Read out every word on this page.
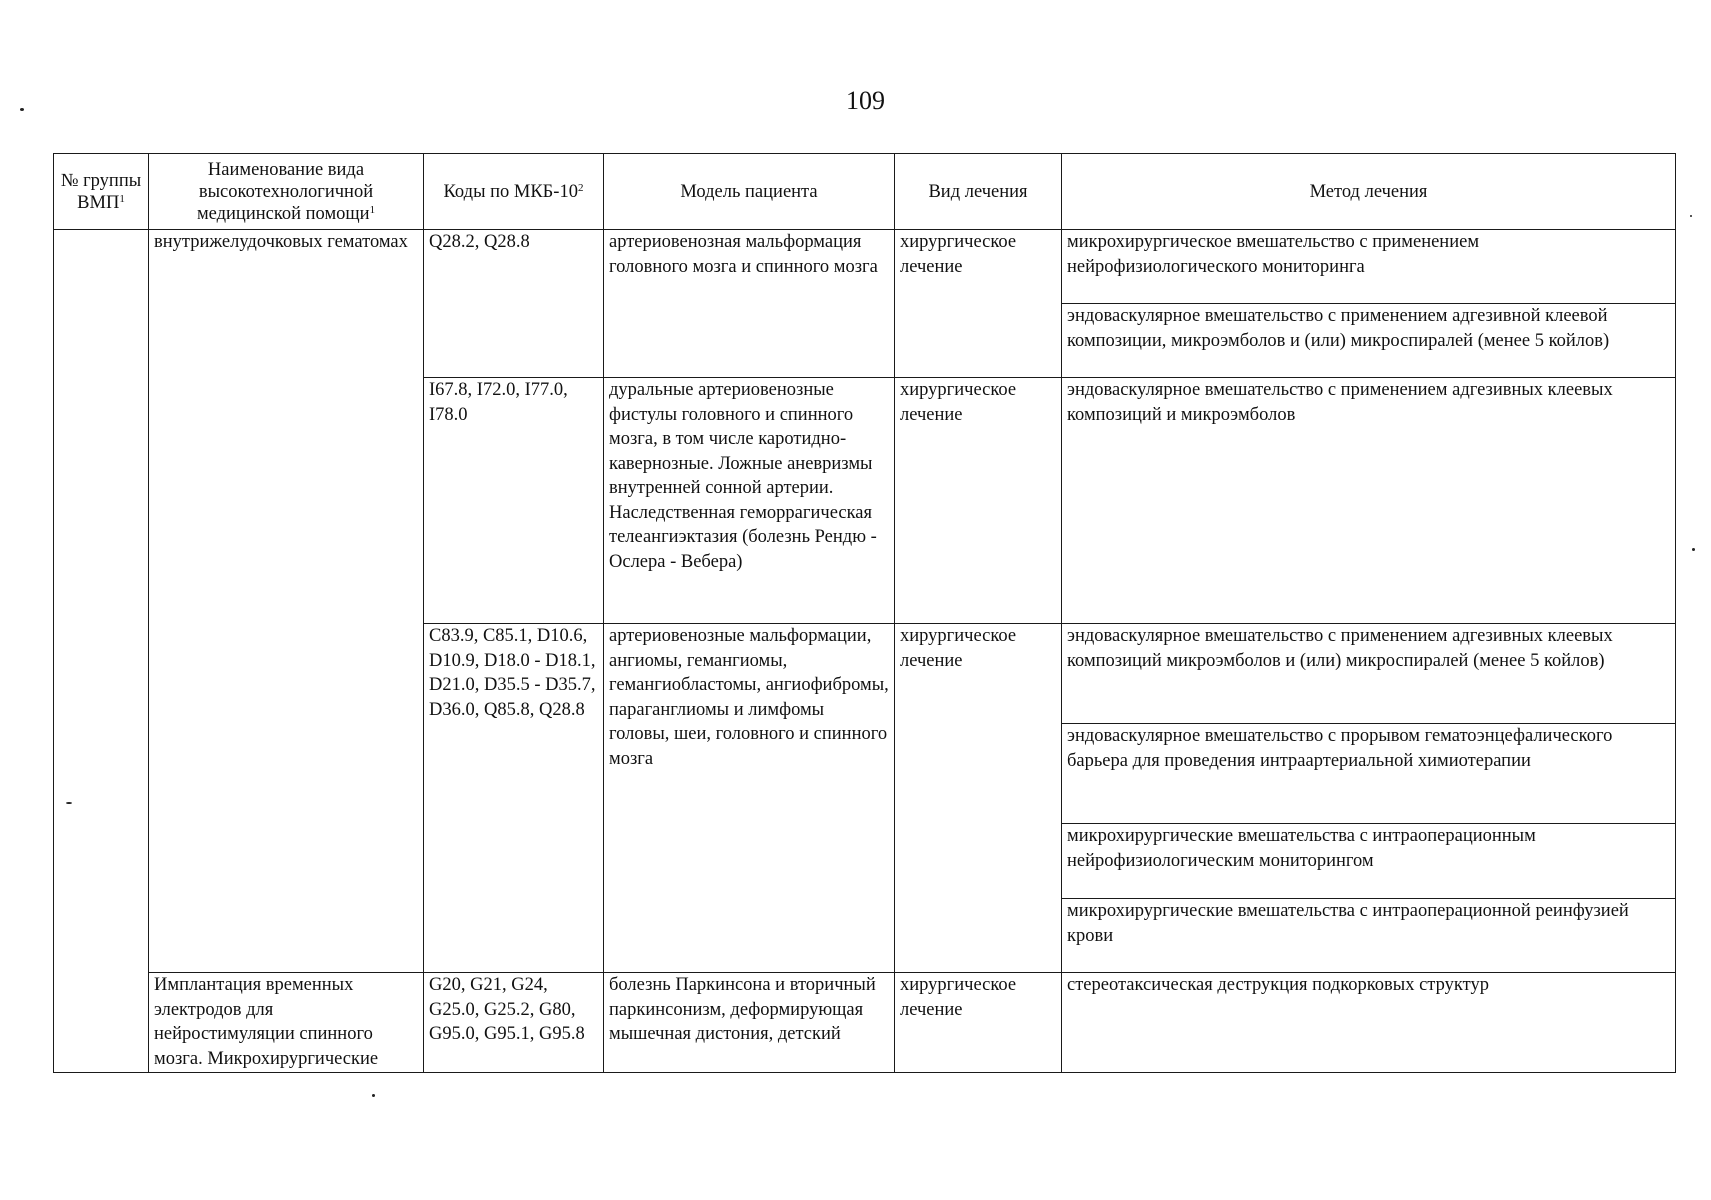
109
№ группы ВМП$^1$	Наименование вида высокотехнологичной медицинской помощи$^1$	Коды по МКБ-$10^2$	Модель пациента	Вид лечения	Метод лечения
	внутрижелудочковых гематомах	Q28.2, Q28.8	артериовенозная мальформация головного мозга и спинного мозга	хирургическое лечение	микрохирургическое вмешательство с применением нейрофизиологического мониторинга
					эндоваскулярное вмешательство с применением адгезивной клеевой композиции, микроэмболов и (или) микроспиралей (менее 5 койлов)
		I67.8, I72.0, I77.0, I78.0	дуральные артериовенозные фистулы головного и спинного мозга, в том числе каротидно-кавернозные. Ложные аневризмы внутренней сонной артерии. Наследственная геморрагическая телеангиэктазия (болезнь Рендю - Ослера - Вебера)	хирургическое лечение	эндоваскулярное вмешательство с применением адгезивных клеевых композиций и микроэмболов
		C83.9, C85.1, D10.6, D10.9, D18.0 - D18.1, D21.0, D35.5 - D35.7, D36.0, Q85.8, Q28.8	артериовенозные мальформации, ангиомы, гемангиомы, гемангиобластомы, ангиофибромы, параганглиомы и лимфомы головы, шеи, головного и спинного мозга	хирургическое лечение	эндоваскулярное вмешательство с применением адгезивных клеевых композиций микроэмболов и (или) микроспиралей (менее 5 койлов)
					эндоваскулярное вмешательство с прорывом гематоэнцефалического барьера для проведения интраартериальной химиотерапии
					микрохирургические вмешательства с интраоперационным нейрофизиологическим мониторингом
					микрохирургические вмешательства с интраоперационной реинфузией крови
	Имплантация временных электродов для нейростимуляции спинного мозга. Микрохирургические	G20, G21, G24, G25.0, G25.2, G80, G95.0, G95.1, G95.8	болезнь Паркинсона и вторичный паркинсонизм, деформирующая мышечная дистония, детский	хирургическое лечение	стереотаксическая деструкция подкорковых структур
